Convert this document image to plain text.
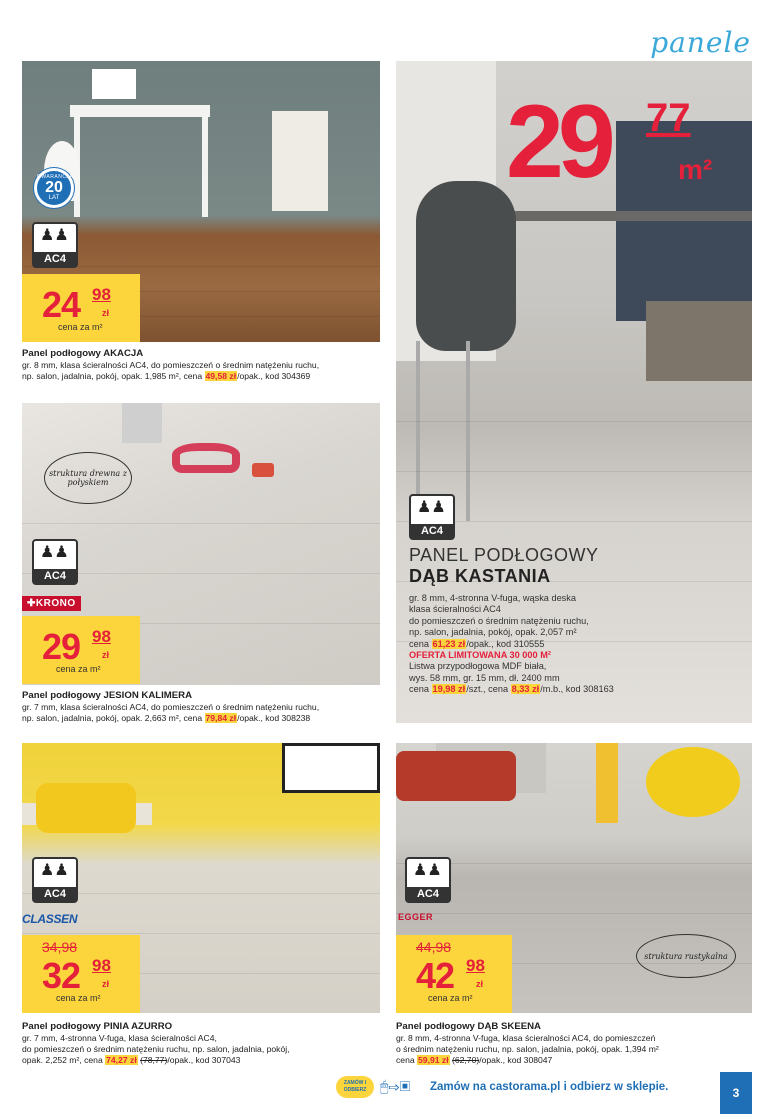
panele
GWARANCJA
20
LAT
♟♟
AC4
24 98
zł
cena za m²
Panel podłogowy AKACJA
gr. 8 mm, klasa ścieralności AC4, do pomieszczeń o średnim natężeniu ruchu,
np. salon, jadalnia, pokój, opak. 1,985 m², cena 49,58 zł/opak., kod 304369
struktura drewna z połyskiem
♟♟
AC4
✚KRONO
29 98
zł
cena za m²
Panel podłogowy JESION KALIMERA
gr. 7 mm, klasa ścieralności AC4, do pomieszczeń o średnim natężeniu ruchu,
np. salon, jadalnia, pokój, opak. 2,663 m², cena 79,84 zł/opak., kod 308238
29 77
m²
♟♟
AC4
PANEL PODŁOGOWY
DĄB KASTANIA
gr. 8 mm, 4-stronna V-fuga, wąska deska
klasa ścieralności AC4
do pomieszczeń o średnim natężeniu ruchu,
np. salon, jadalnia, pokój, opak. 2,057 m²
cena 61,23 zł/opak., kod 310555
OFERTA LIMITOWANA 30 000 M²
Listwa przypodłogowa MDF biała,
wys. 58 mm, gr. 15 mm, dł. 2400 mm
cena 19,98 zł/szt., cena 8,33 zł/m.b., kod 308163
♟♟
AC4
CLASSEN
34,98
32 98
zł
cena za m²
Panel podłogowy PINIA AZURRO
gr. 7 mm, 4-stronna V-fuga, klasa ścieralności AC4,
do pomieszczeń o średnim natężeniu ruchu, np. salon, jadalnia, pokój,
opak. 2,252 m², cena 74,27 zł (78,77)/opak., kod 307043
♟♟
AC4
EGGER
44,98
42 98
zł
cena za m²
struktura rustykalna
Panel podłogowy DĄB SKEENA
gr. 8 mm, 4-stronna V-fuga, klasa ścieralności AC4, do pomieszczeń
o średnim natężeniu ruchu, np. salon, jadalnia, pokój, opak. 1,394 m²
cena 59,91 zł (62,70)/opak., kod 308047
ZAMÓW I ODBIERZ 🖱⇨▣ Zamów na castorama.pl i odbierz w sklepie.	3
